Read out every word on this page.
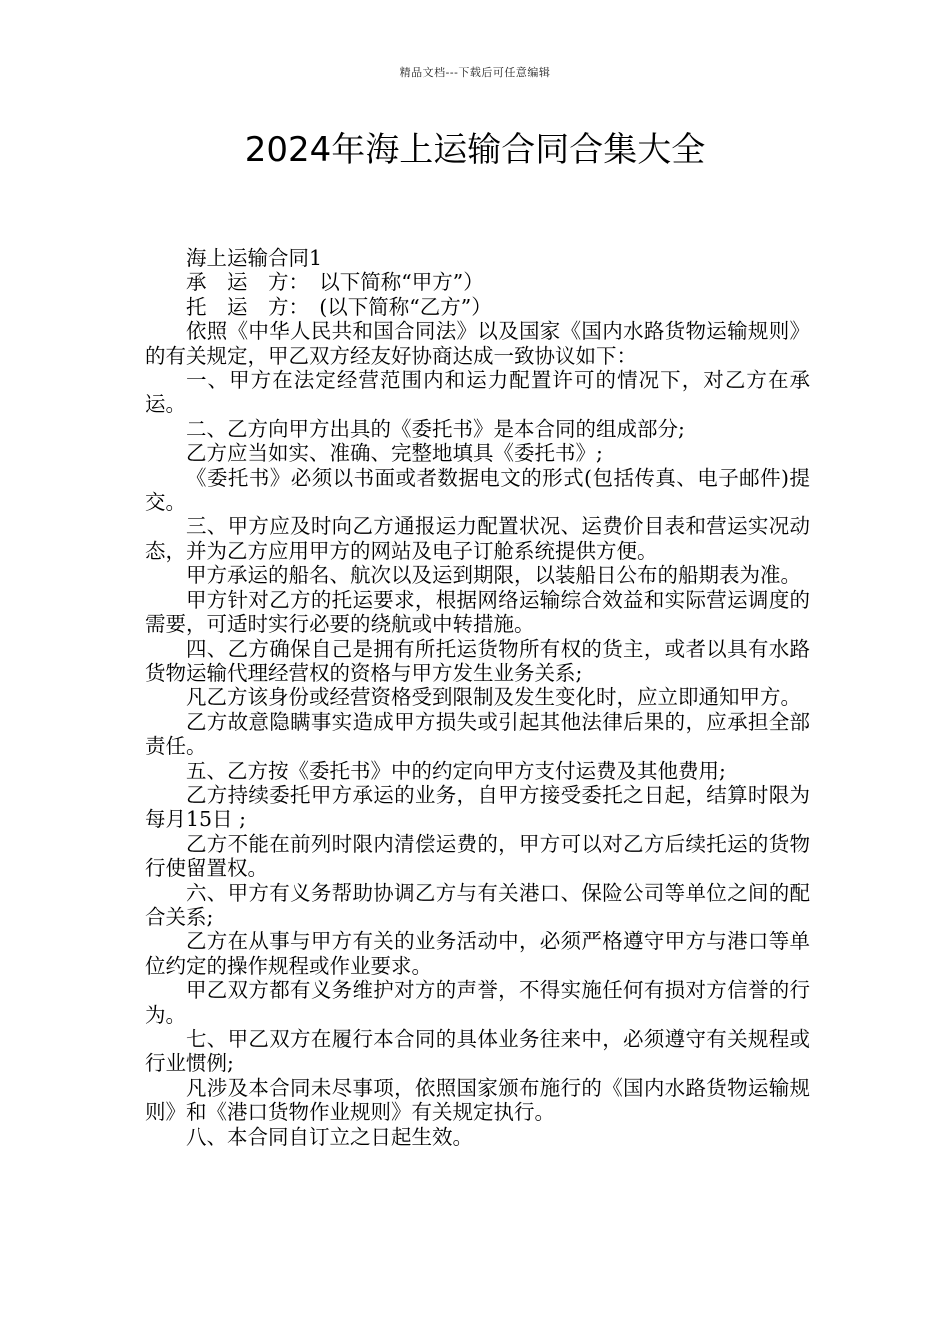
精品文档---下载后可任意编辑
2024年海上运输合同合集大全

海上运输合同1

承　运　方：　以下简称“甲方”）

托　运　方：　(以下简称“乙方”）

依照《中华人民共和国合同法》以及国家《国内水路货物运输规则》的有关规定，甲乙双方经友好协商达成一致协议如下：

一、甲方在法定经营范围内和运力配置许可的情况下，对乙方在承运。

二、乙方向甲方出具的《委托书》是本合同的组成部分;

乙方应当如实、准确、完整地填具《委托书》;

《委托书》必须以书面或者数据电文的形式(包括传真、电子邮件)提交。

三、甲方应及时向乙方通报运力配置状况、运费价目表和营运实况动态，并为乙方应用甲方的网站及电子订舱系统提供方便。

甲方承运的船名、航次以及运到期限，以装船日公布的船期表为准。

甲方针对乙方的托运要求，根据网络运输综合效益和实际营运调度的需要，可适时实行必要的绕航或中转措施。

四、乙方确保自己是拥有所托运货物所有权的货主，或者以具有水路货物运输代理经营权的资格与甲方发生业务关系;

凡乙方该身份或经营资格受到限制及发生变化时，应立即通知甲方。

乙方故意隐瞒事实造成甲方损失或引起其他法律后果的，应承担全部责任。

五、乙方按《委托书》中的约定向甲方支付运费及其他费用;

乙方持续委托甲方承运的业务，自甲方接受委托之日起，结算时限为 每月15日 ;

乙方不能在前列时限内清偿运费的，甲方可以对乙方后续托运的货物行使留置权。

六、甲方有义务帮助协调乙方与有关港口、保险公司等单位之间的配合关系;

乙方在从事与甲方有关的业务活动中，必须严格遵守甲方与港口等单位约定的操作规程或作业要求。

甲乙双方都有义务维护对方的声誉，不得实施任何有损对方信誉的行为。

七、甲乙双方在履行本合同的具体业务往来中，必须遵守有关规程或行业惯例;

凡涉及本合同未尽事项，依照国家颁布施行的《国内水路货物运输规则》和《港口货物作业规则》有关规定执行。

八、本合同自订立之日起生效。
